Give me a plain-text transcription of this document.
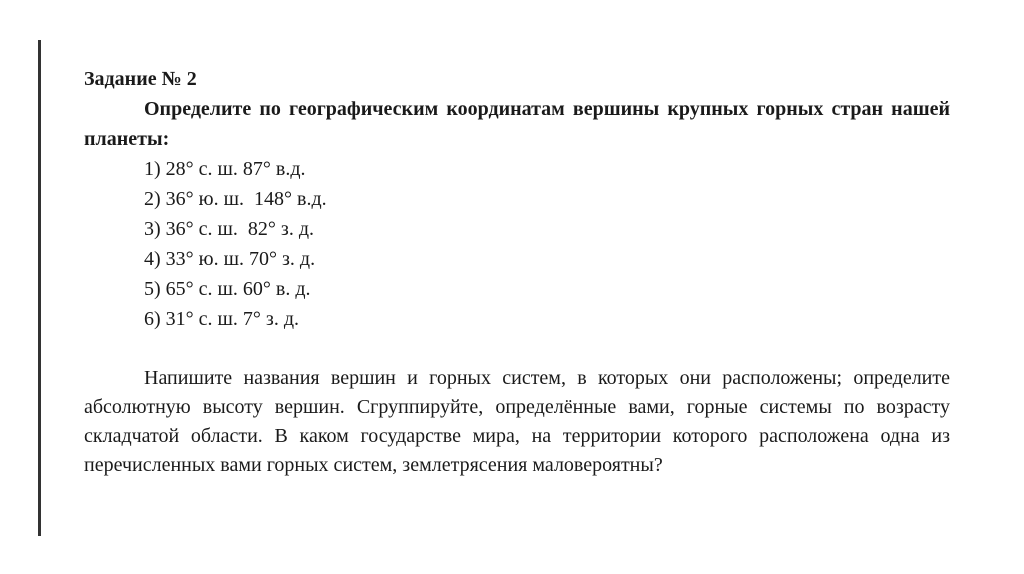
Задание № 2

Определите по географическим координатам вершины крупных горных стран нашей планеты:

1) 28° с. ш. 87° в.д.
2) 36° ю. ш.  148° в.д.
3) 36° с. ш.  82° з. д.
4) 33° ю. ш. 70° з. д.
5) 65° с. ш. 60° в. д.
6) 31° с. ш. 7° з. д.

Напишите названия вершин и горных систем, в которых они расположены; определите абсолютную высоту вершин. Сгруппируйте, определённые вами, горные системы по возрасту складчатой области. В каком государстве мира, на территории которого расположена одна из перечисленных вами горных систем, землетрясения маловероятны?
